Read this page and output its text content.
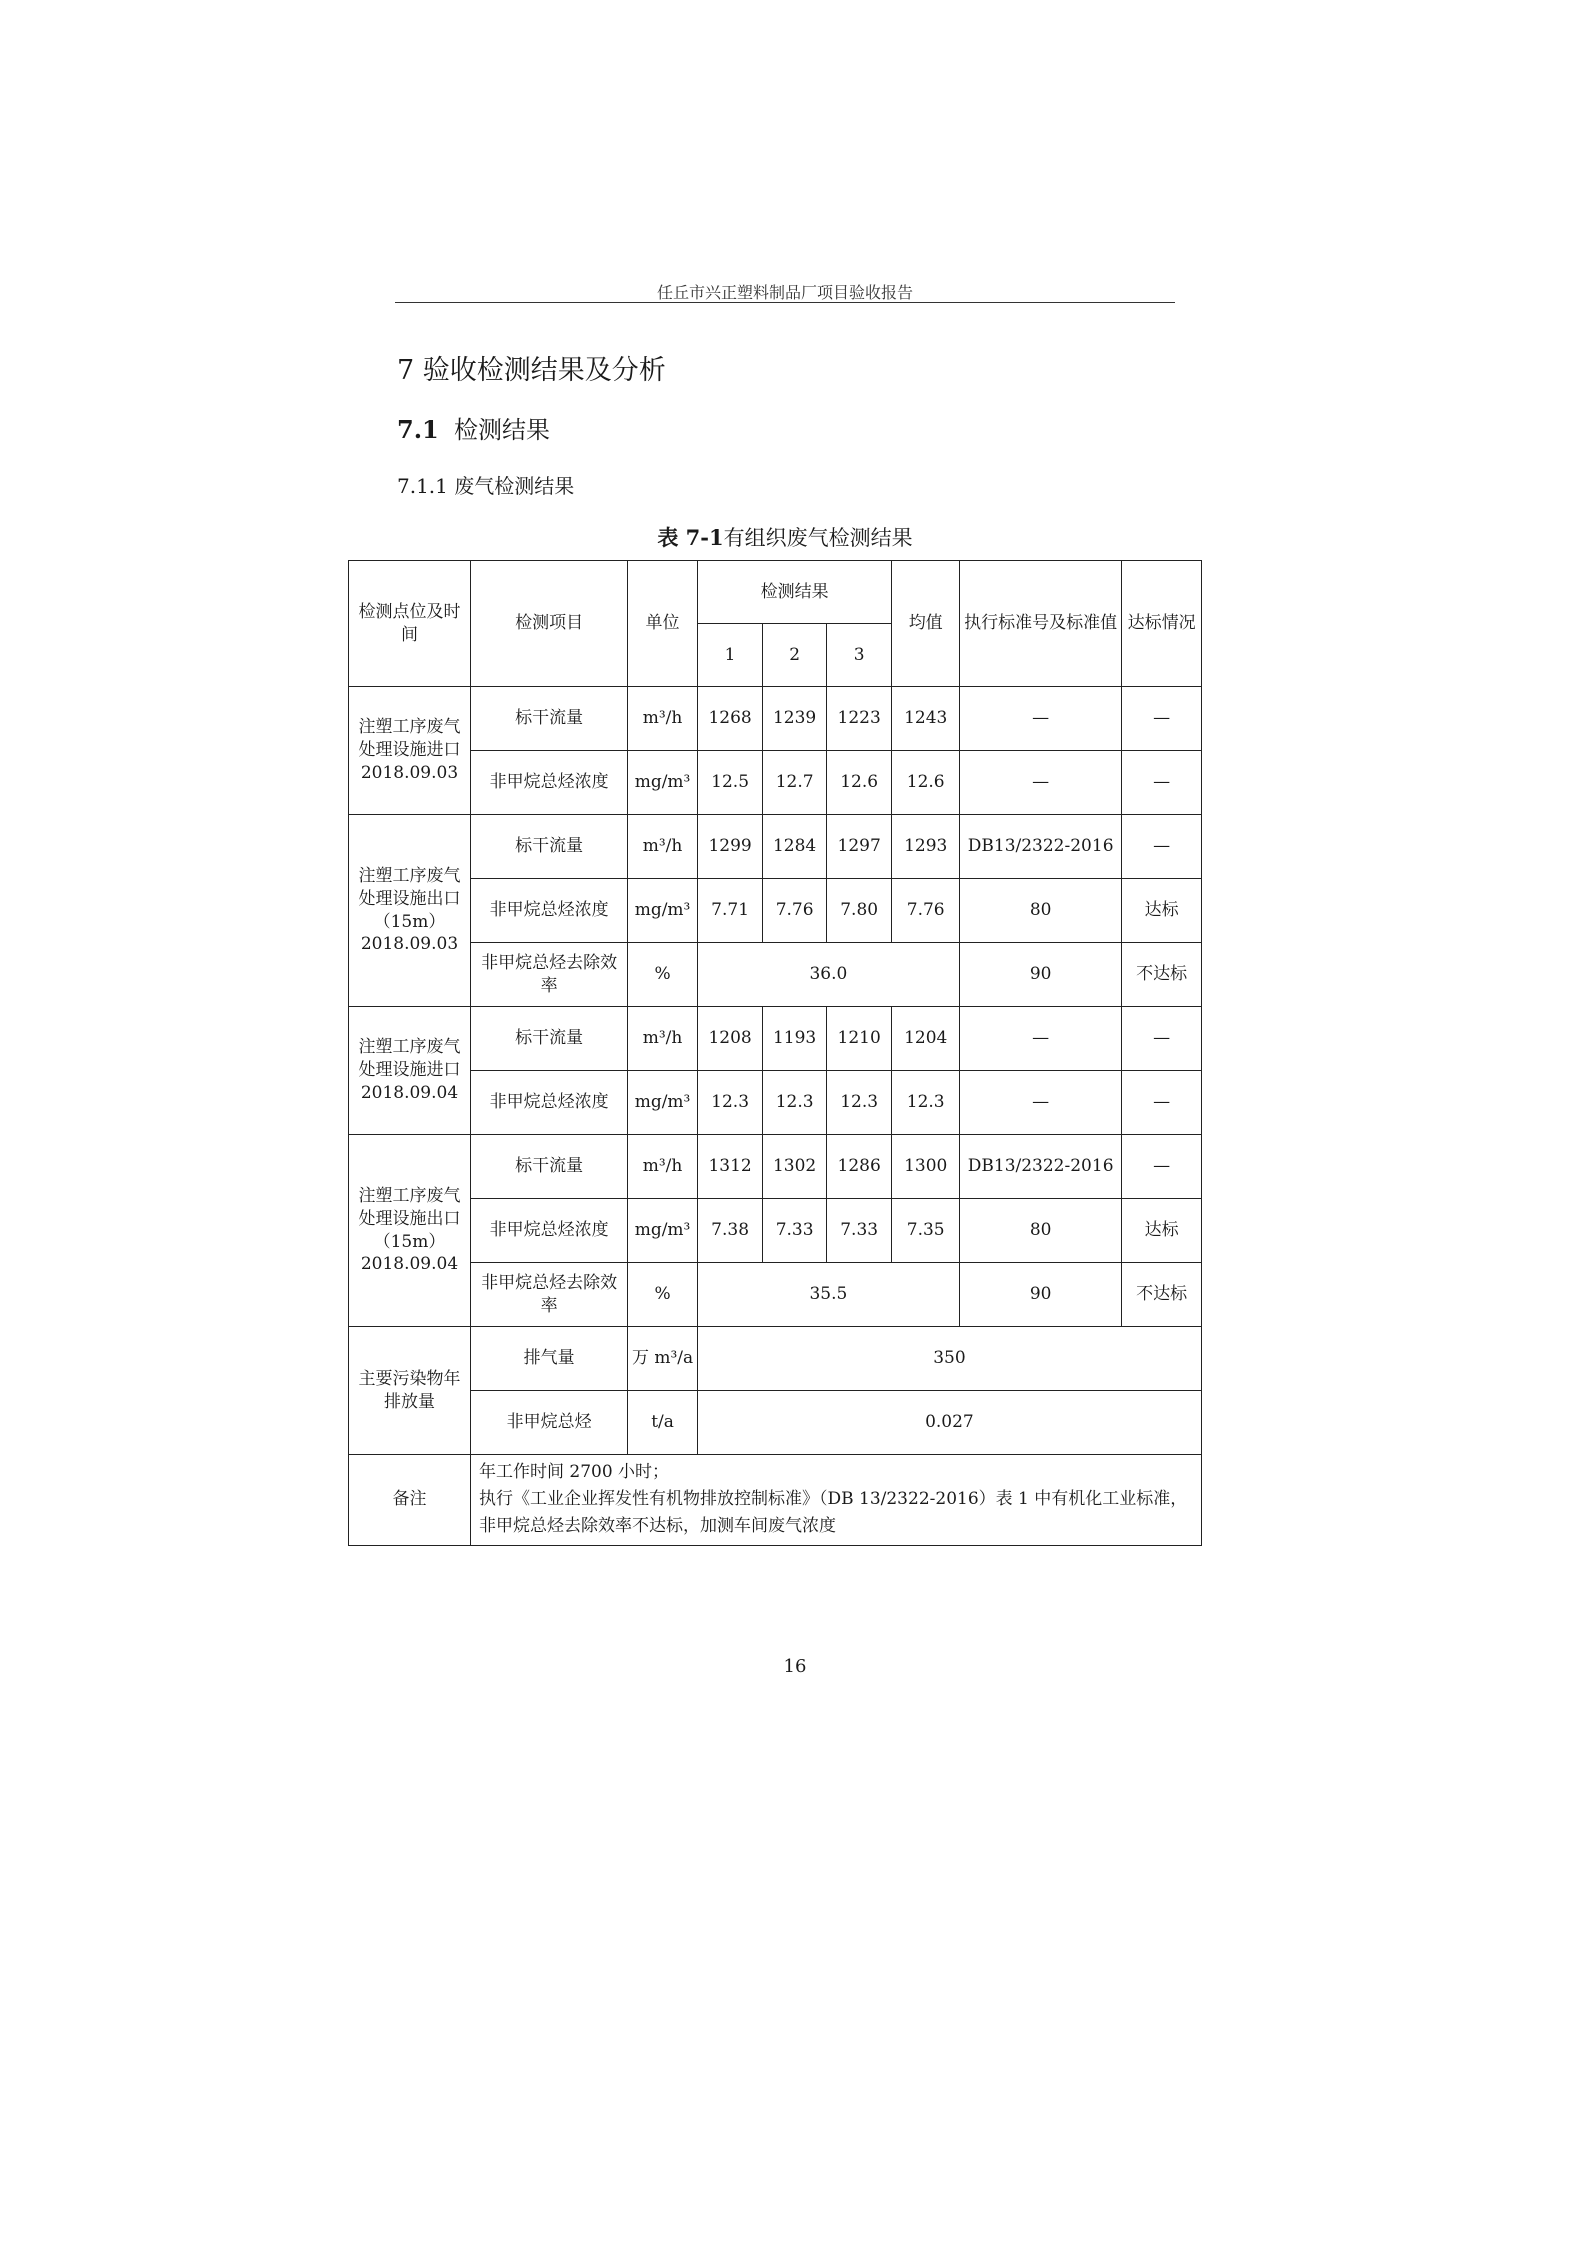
任丘市兴正塑料制品厂项目验收报告
7 验收检测结果及分析
7.1 检测结果
7.1.1 废气检测结果
表 7-1有组织废气检测结果
检测点位及时间	检测项目	单位	检测结果			均值	执行标准号及标准值	达标情况
			1	2	3			
注塑工序废气处理设施进口2018.09.03	标干流量	m³/h	1268	1239	1223	1243	—	—
	非甲烷总烃浓度	mg/m³	12.5	12.7	12.6	12.6	—	—
注塑工序废气处理设施出口（15m）2018.09.03	标干流量	m³/h	1299	1284	1297	1293	DB13/2322-2016	—
	非甲烷总烃浓度	mg/m³	7.71	7.76	7.80	7.76	80	达标
	非甲烷总烃去除效率	%	36.0				90	不达标
注塑工序废气处理设施进口2018.09.04	标干流量	m³/h	1208	1193	1210	1204	—	—
	非甲烷总烃浓度	mg/m³	12.3	12.3	12.3	12.3	—	—
注塑工序废气处理设施出口（15m）2018.09.04	标干流量	m³/h	1312	1302	1286	1300	DB13/2322-2016	—
	非甲烷总烃浓度	mg/m³	7.38	7.33	7.33	7.35	80	达标
	非甲烷总烃去除效率	%	35.5				90	不达标
主要污染物年排放量	排气量	万 m³/a	350					
	非甲烷总烃	t/a	0.027					
备注	年工作时间 2700 小时；
执行《工业企业挥发性有机物排放控制标准》（DB 13/2322-2016）表 1 中有机化工业标准，非甲烷总烃去除效率不达标，加测车间废气浓度							
16
